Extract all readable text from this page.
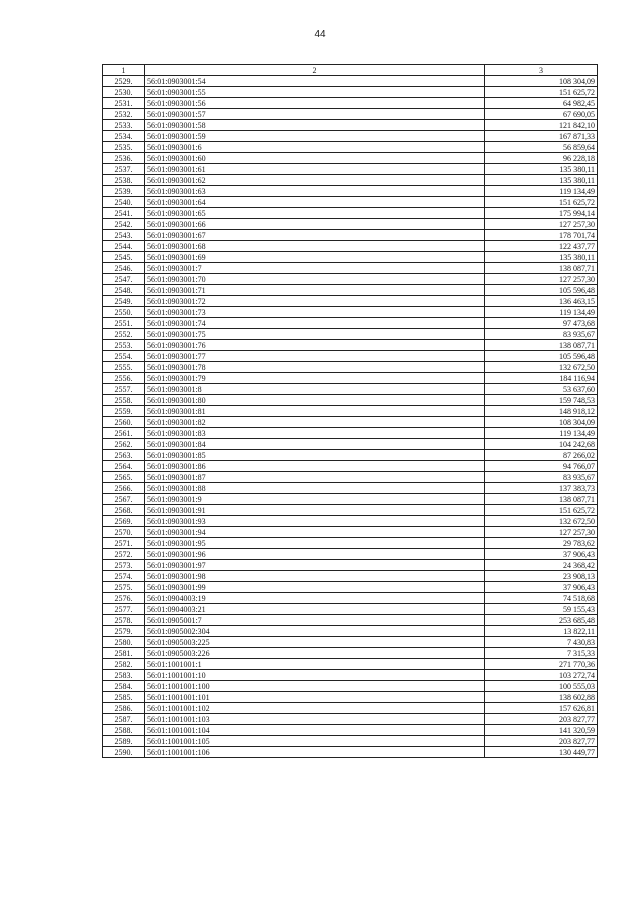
44
1	2	3
2529.	56:01:0903001:54	108 304,09
2530.	56:01:0903001:55	151 625,72
2531.	56:01:0903001:56	64 982,45
2532.	56:01:0903001:57	67 690,05
2533.	56:01:0903001:58	121 842,10
2534.	56:01:0903001:59	167 871,33
2535.	56:01:0903001:6	56 859,64
2536.	56:01:0903001:60	96 228,18
2537.	56:01:0903001:61	135 380,11
2538.	56:01:0903001:62	135 380,11
2539.	56:01:0903001:63	119 134,49
2540.	56:01:0903001:64	151 625,72
2541.	56:01:0903001:65	175 994,14
2542.	56:01:0903001:66	127 257,30
2543.	56:01:0903001:67	178 701,74
2544.	56:01:0903001:68	122 437,77
2545.	56:01:0903001:69	135 380,11
2546.	56:01:0903001:7	138 087,71
2547.	56:01:0903001:70	127 257,30
2548.	56:01:0903001:71	105 596,48
2549.	56:01:0903001:72	136 463,15
2550.	56:01:0903001:73	119 134,49
2551.	56:01:0903001:74	97 473,68
2552.	56:01:0903001:75	83 935,67
2553.	56:01:0903001:76	138 087,71
2554.	56:01:0903001:77	105 596,48
2555.	56:01:0903001:78	132 672,50
2556.	56:01:0903001:79	184 116,94
2557.	56:01:0903001:8	53 637,60
2558.	56:01:0903001:80	159 748,53
2559.	56:01:0903001:81	148 918,12
2560.	56:01:0903001:82	108 304,09
2561.	56:01:0903001:83	119 134,49
2562.	56:01:0903001:84	104 242,68
2563.	56:01:0903001:85	87 266,02
2564.	56:01:0903001:86	94 766,07
2565.	56:01:0903001:87	83 935,67
2566.	56:01:0903001:88	137 383,73
2567.	56:01:0903001:9	138 087,71
2568.	56:01:0903001:91	151 625,72
2569.	56:01:0903001:93	132 672,50
2570.	56:01:0903001:94	127 257,30
2571.	56:01:0903001:95	29 783,62
2572.	56:01:0903001:96	37 906,43
2573.	56:01:0903001:97	24 368,42
2574.	56:01:0903001:98	23 908,13
2575.	56:01:0903001:99	37 906,43
2576.	56:01:0904003:19	74 518,68
2577.	56:01:0904003:21	59 155,43
2578.	56:01:0905001:7	253 685,48
2579.	56:01:0905002:304	13 822,11
2580.	56:01:0905003:225	7 430,83
2581.	56:01:0905003:226	7 315,33
2582.	56:01:1001001:1	271 770,36
2583.	56:01:1001001:10	103 272,74
2584.	56:01:1001001:100	100 555,03
2585.	56:01:1001001:101	138 602,88
2586.	56:01:1001001:102	157 626,81
2587.	56:01:1001001:103	203 827,77
2588.	56:01:1001001:104	141 320,59
2589.	56:01:1001001:105	203 827,77
2590.	56:01:1001001:106	130 449,77
